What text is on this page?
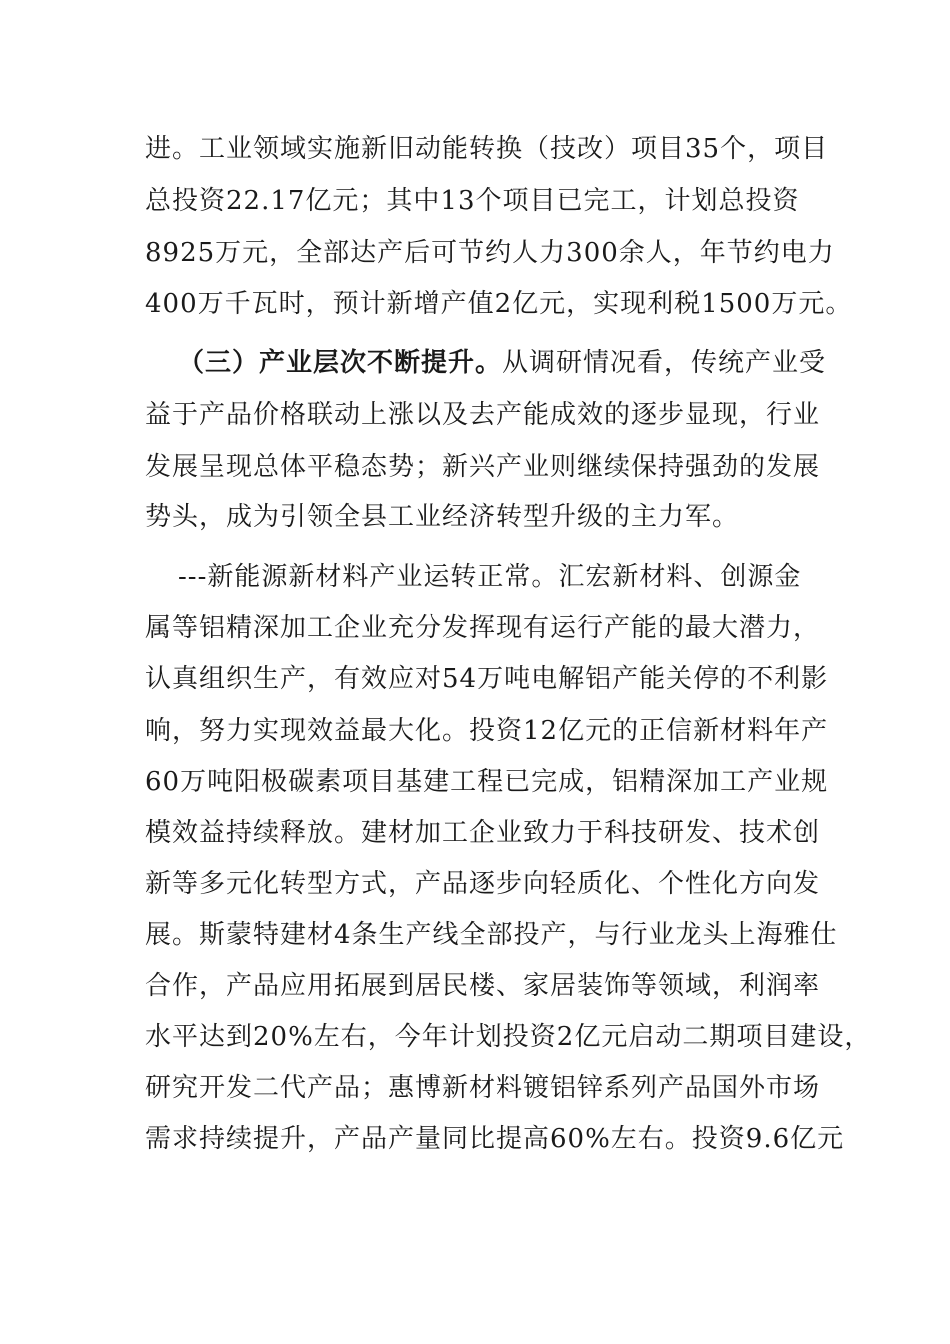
进。工业领域实施新旧动能转换（技改）项目35个，项目
总投资22.17亿元；其中13个项目已完工，计划总投资
8925万元，全部达产后可节约人力300余人，年节约电力
400万千瓦时，预计新增产值2亿元，实现利税1500万元。
（三）产业层次不断提升。从调研情况看，传统产业受
益于产品价格联动上涨以及去产能成效的逐步显现，行业
发展呈现总体平稳态势；新兴产业则继续保持强劲的发展
势头，成为引领全县工业经济转型升级的主力军。
---新能源新材料产业运转正常。汇宏新材料、创源金
属等铝精深加工企业充分发挥现有运行产能的最大潜力，
认真组织生产，有效应对54万吨电解铝产能关停的不利影
响，努力实现效益最大化。投资12亿元的正信新材料年产
60万吨阳极碳素项目基建工程已完成，铝精深加工产业规
模效益持续释放。建材加工企业致力于科技研发、技术创
新等多元化转型方式，产品逐步向轻质化、个性化方向发
展。斯蒙特建材4条生产线全部投产，与行业龙头上海雅仕
合作，产品应用拓展到居民楼、家居装饰等领域，利润率
水平达到20%左右，今年计划投资2亿元启动二期项目建设，
研究开发二代产品；惠博新材料镀铝锌系列产品国外市场
需求持续提升，产品产量同比提高60%左右。投资9.6亿元
